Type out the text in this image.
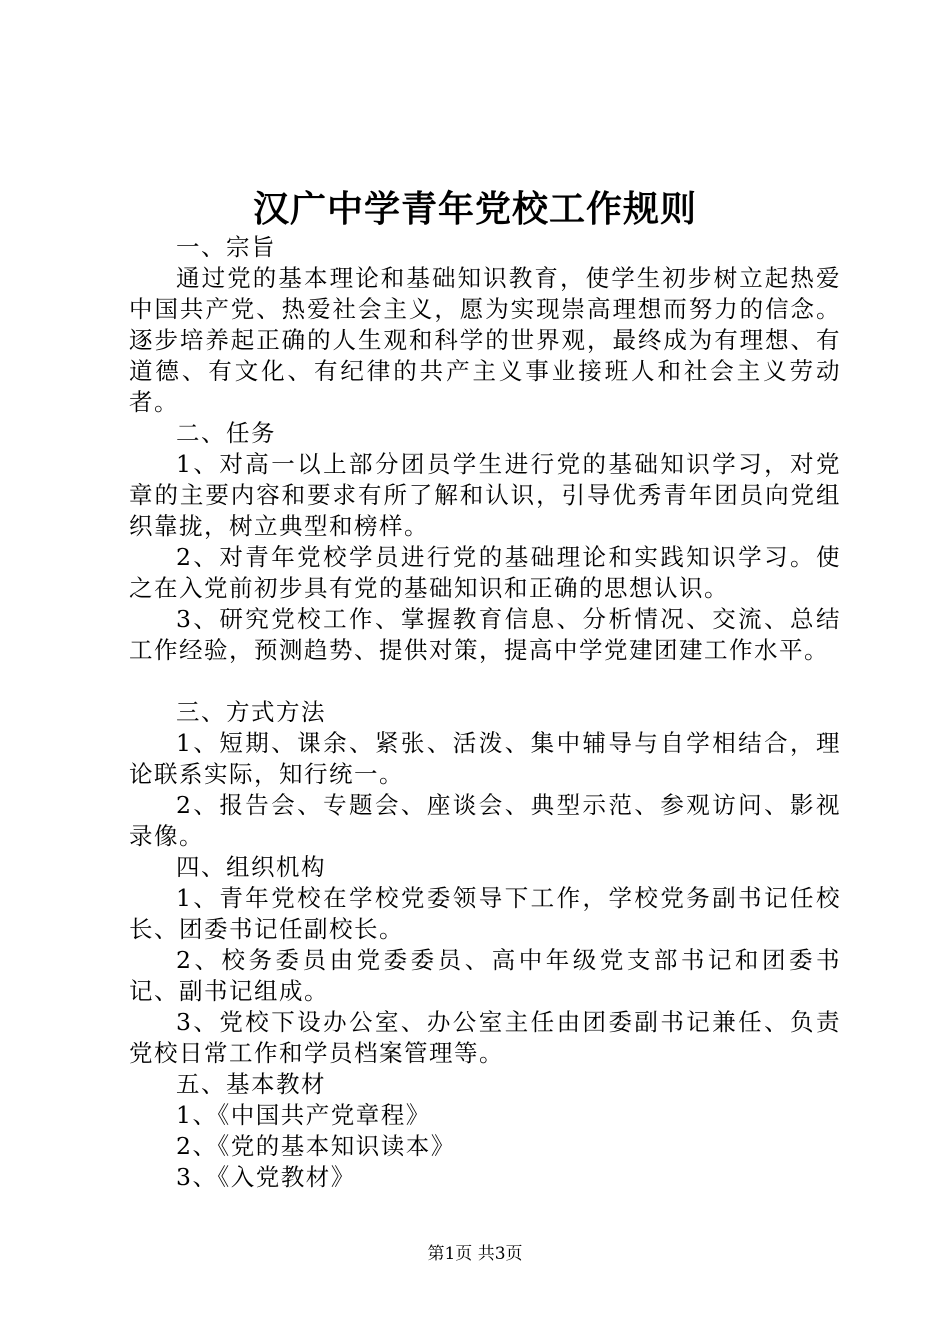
汉广中学青年党校工作规则

一、宗旨

通过党的基本理论和基础知识教育，使学生初步树立起热爱中国共产党、热爱社会主义，愿为实现崇高理想而努力的信念。逐步培养起正确的人生观和科学的世界观，最终成为有理想、有道德、有文化、有纪律的共产主义事业接班人和社会主义劳动者。

二、任务

1、对高一以上部分团员学生进行党的基础知识学习，对党章的主要内容和要求有所了解和认识，引导优秀青年团员向党组织靠拢，树立典型和榜样。

2、对青年党校学员进行党的基础理论和实践知识学习。使之在入党前初步具有党的基础知识和正确的思想认识。

3、研究党校工作、掌握教育信息、分析情况、交流、总结工作经验，预测趋势、提供对策，提高中学党建团建工作水平。

三、方式方法

1、短期、课余、紧张、活泼、集中辅导与自学相结合，理论联系实际，知行统一。

2、报告会、专题会、座谈会、典型示范、参观访问、影视录像。

四、组织机构

1、青年党校在学校党委领导下工作，学校党务副书记任校长、团委书记任副校长。

2、校务委员由党委委员、高中年级党支部书记和团委书记、副书记组成。

3、党校下设办公室、办公室主任由团委副书记兼任、负责党校日常工作和学员档案管理等。

五、基本教材

1、《中国共产党章程》

2、《党的基本知识读本》

3、《入党教材》

第1页 共3页
